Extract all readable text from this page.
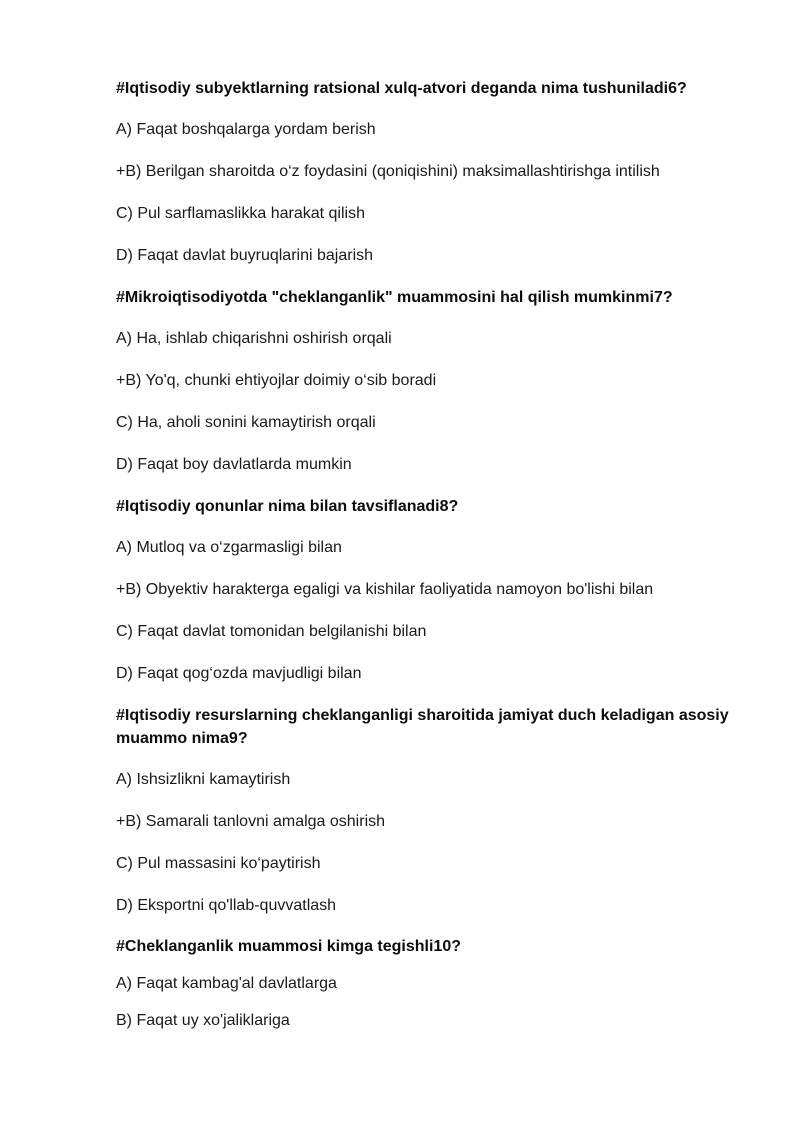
#Iqtisodiy subyektlarning ratsional xulq-atvori deganda nima tushuniladi6?
A) Faqat boshqalarga yordam berish
+B) Berilgan sharoitda o‘z foydasini (qoniqishini) maksimallashtirishga intilish
C) Pul sarflamaslikka harakat qilish
D) Faqat davlat buyruqlarini bajarish
#Mikroiqtisodiyotda "cheklanganlik" muammosini hal qilish mumkinmi7?
A) Ha, ishlab chiqarishni oshirish orqali
+B) Yo'q, chunki ehtiyojlar doimiy o‘sib boradi
C) Ha, aholi sonini kamaytirish orqali
D) Faqat boy davlatlarda mumkin
#Iqtisodiy qonunlar nima bilan tavsiflanadi8?
A) Mutloq va o‘zgarmasligi bilan
+B) Obyektiv harakterga egaligi va kishilar faoliyatida namoyon bo'lishi bilan
C) Faqat davlat tomonidan belgilanishi bilan
D) Faqat qog‘ozda mavjudligi bilan
#Iqtisodiy resurslarning cheklanganligi sharoitida jamiyat duch keladigan asosiy muammo nima9?
A) Ishsizlikni kamaytirish
+B) Samarali tanlovni amalga oshirish
C) Pul massasini ko‘paytirish
D) Eksportni qo'llab-quvvatlash
#Cheklanganlik muammosi kimga tegishli10?
A) Faqat kambag'al davlatlarga
B) Faqat uy xo'jaliklariga
